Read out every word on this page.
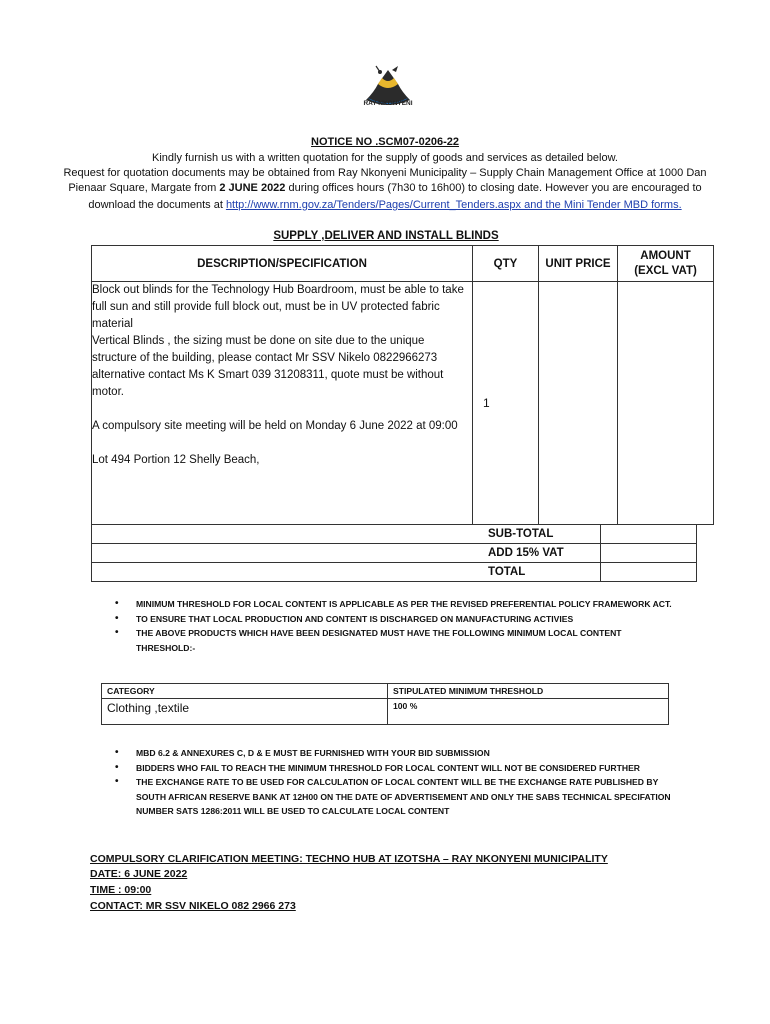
RAY NKONYENI
NOTICE NO .SCM07-0206-22
Kindly furnish us with a written quotation for the supply of goods and services as detailed below.
Request for quotation documents may be obtained from Ray Nkonyeni Municipality – Supply Chain Management Office at 1000 Dan
Pienaar Square, Margate from 2 JUNE 2022 during offices hours (7h30 to 16h00) to closing date. However you are encouraged to
download the documents at http://www.rnm.gov.za/Tenders/Pages/Current_Tenders.aspx and the Mini Tender MBD forms.
SUPPLY ,DELIVER AND INSTALL BLINDS
DESCRIPTION/SPECIFICATION	QTY	UNIT PRICE	AMOUNT
(EXCL VAT)

Block out blinds for the Technology Hub Boardroom, must be able to take full sun and still provide full block out, must be in UV protected fabric material
Vertical Blinds , the sizing must be done on site due to the unique structure of the building, please contact Mr SSV Nikelo 0822966273 alternative contact Ms K Smart 039 31208311, quote must be without motor.
A compulsory site meeting will be held on Monday 6 June 2022 at 09:00
Lot 494 Portion 12 Shelly Beach,	1		
SUB-TOTAL
ADD 15% VAT
TOTAL
• MINIMUM THRESHOLD FOR LOCAL CONTENT IS APPLICABLE AS PER THE REVISED PREFERENTIAL POLICY FRAMEWORK ACT.
• TO ENSURE THAT LOCAL PRODUCTION AND CONTENT IS DISCHARGED ON MANUFACTURING ACTIVIES
• THE ABOVE PRODUCTS WHICH HAVE BEEN DESIGNATED MUST HAVE THE FOLLOWING MINIMUM LOCAL CONTENT THRESHOLD:-
CATEGORY	STIPULATED MINIMUM THRESHOLD
Clothing ,textile	100 %
• MBD 6.2 & ANNEXURES C, D & E MUST BE FURNISHED WITH YOUR BID SUBMISSION
• BIDDERS WHO FAIL TO REACH THE MINIMUM THRESHOLD FOR LOCAL CONTENT WILL NOT BE CONSIDERED FURTHER
• THE EXCHANGE RATE TO BE USED FOR CALCULATION OF LOCAL CONTENT WILL BE THE EXCHANGE RATE PUBLISHED BY SOUTH AFRICAN RESERVE BANK AT 12H00 ON THE DATE OF ADVERTISEMENT AND ONLY THE SABS TECHNICAL SPECIFATION NUMBER SATS 1286:2011 WILL BE USED TO CALCULATE LOCAL CONTENT
COMPULSORY CLARIFICATION MEETING: TECHNO HUB AT IZOTSHA – RAY NKONYENI MUNICIPALITY
DATE: 6 JUNE 2022
TIME : 09:00
CONTACT: MR SSV NIKELO 082 2966 273
